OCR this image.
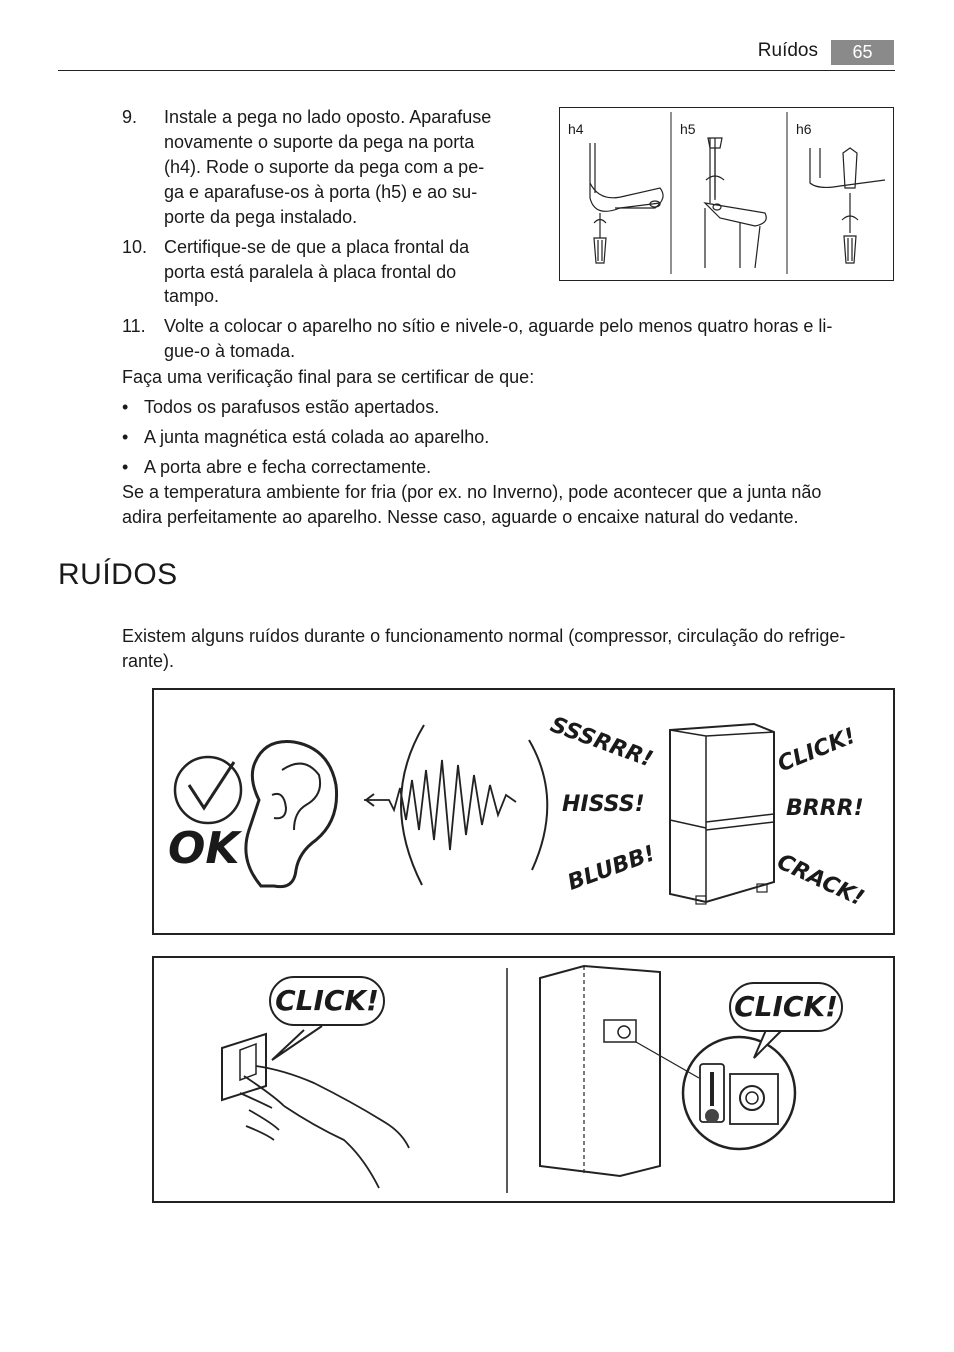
Ruídos	65
9. Instale a pega no lado oposto. Aparafuse
novamente o suporte da pega na porta
(h4). Rode o suporte da pega com a pe-
ga e aparafuse-os à porta (h5) e ao su-
porte da pega instalado.
10. Certifique-se de que a placa frontal da
porta está paralela à placa frontal do
tampo.
11. Volte a colocar o aparelho no sítio e nivele-o, aguarde pelo menos quatro horas e li-
gue-o à tomada.
Faça uma verificação final para se certificar de que:
• Todos os parafusos estão apertados.
• A junta magnética está colada ao aparelho.
• A porta abre e fecha correctamente.
Se a temperatura ambiente for fria (por ex. no Inverno), pode acontecer que a junta não
adira perfeitamente ao aparelho. Nesse caso, aguarde o encaixe natural do vedante.
h4	h5	h6
RUÍDOS
Existem alguns ruídos durante o funcionamento normal (compressor, circulação do refrige-
rante).
OK
SSSRRR!
HISSS!
BLUBB!
CLICK!
BRRR!
CRACK!
CLICK!	CLICK!
